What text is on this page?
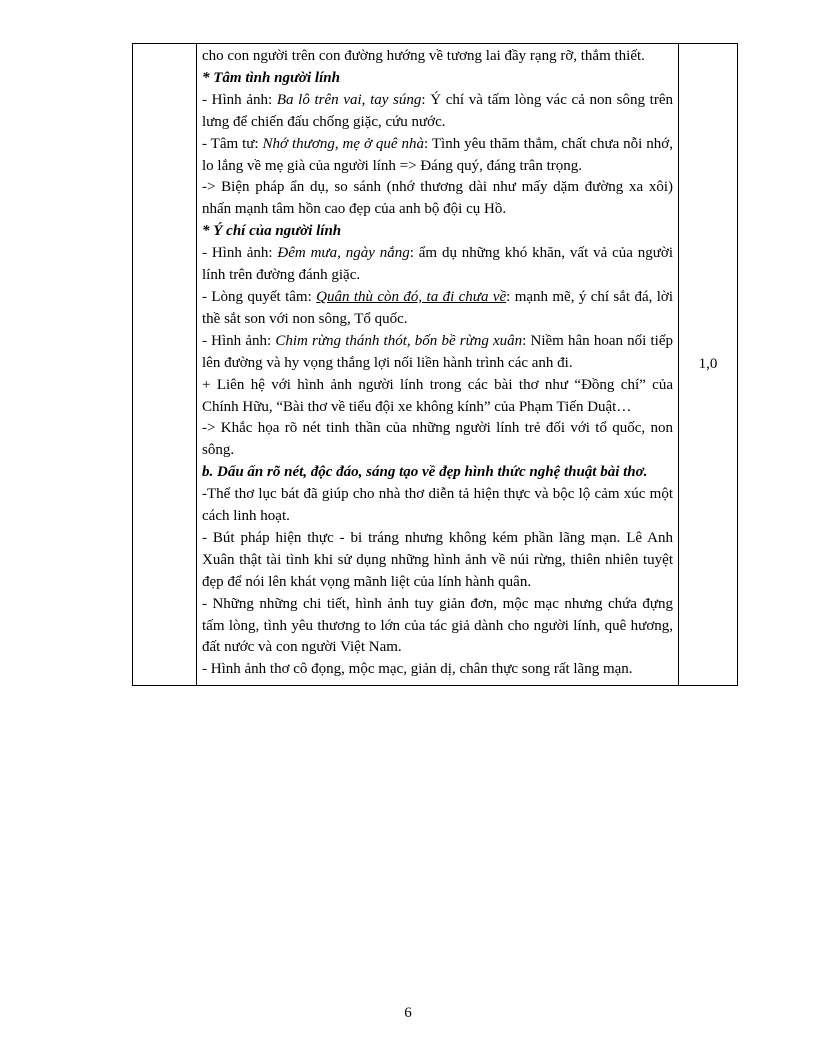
cho con người trên con đường hướng về tương lai đầy rạng rỡ, thắm thiết.

* Tâm tình người lính

- Hình ảnh: Ba lô trên vai, tay súng: Ý chí và tấm lòng vác cả non sông trên lưng để chiến đấu chống giặc, cứu nước.

- Tâm tư: Nhớ thương, mẹ ở quê nhà: Tình yêu thăm thẳm, chất chưa nỗi nhớ, lo lắng về mẹ già của người lính => Đáng quý, đáng trân trọng.

-> Biện pháp ẩn dụ, so sánh (nhớ thương dài như mấy dặm đường xa xôi) nhấn mạnh tâm hồn cao đẹp của anh bộ đội cụ Hồ.

* Ý chí của người lính

- Hình ảnh: Đêm mưa, ngày nắng: ẩm dụ những khó khăn, vất vả của người lính trên đường đánh giặc.

- Lòng quyết tâm: Quân thù còn đó, ta đi chưa về: mạnh mẽ, ý chí sắt đá, lời thề sắt son với non sông, Tổ quốc.

- Hình ảnh: Chim rừng thánh thót, bốn bề rừng xuân: Niềm hân hoan nối tiếp lên đường và hy vọng thắng lợi nối liền hành trình các anh đi.

+ Liên hệ với hình ảnh người lính trong các bài thơ như “Đồng chí” của Chính Hữu, “Bài thơ về tiểu đội xe không kính” của Phạm Tiến Duật…

-> Khắc họa rõ nét tinh thần của những người lính trẻ đối với tổ quốc, non sông.

b. Dấu ấn rõ nét, độc đáo, sáng tạo về đẹp hình thức nghệ thuật bài thơ.

-Thể thơ lục bát đã giúp cho nhà thơ diễn tả hiện thực và bộc lộ cảm xúc một cách linh hoạt.

- Bút pháp hiện thực - bi tráng nhưng không kém phần lãng mạn. Lê Anh Xuân thật tài tình khi sử dụng những hình ảnh về núi rừng, thiên nhiên tuyệt đẹp để nói lên khát vọng mãnh liệt của lính hành quân.

- Những những chi tiết, hình ảnh tuy giản đơn, mộc mạc nhưng chứa đựng tấm lòng, tình yêu thương to lớn của tác giả dành cho người lính, quê hương, đất nước và con người Việt Nam.

- Hình ảnh thơ cô đọng, mộc mạc, giản dị, chân thực song rất lãng mạn.

	1,0
6
